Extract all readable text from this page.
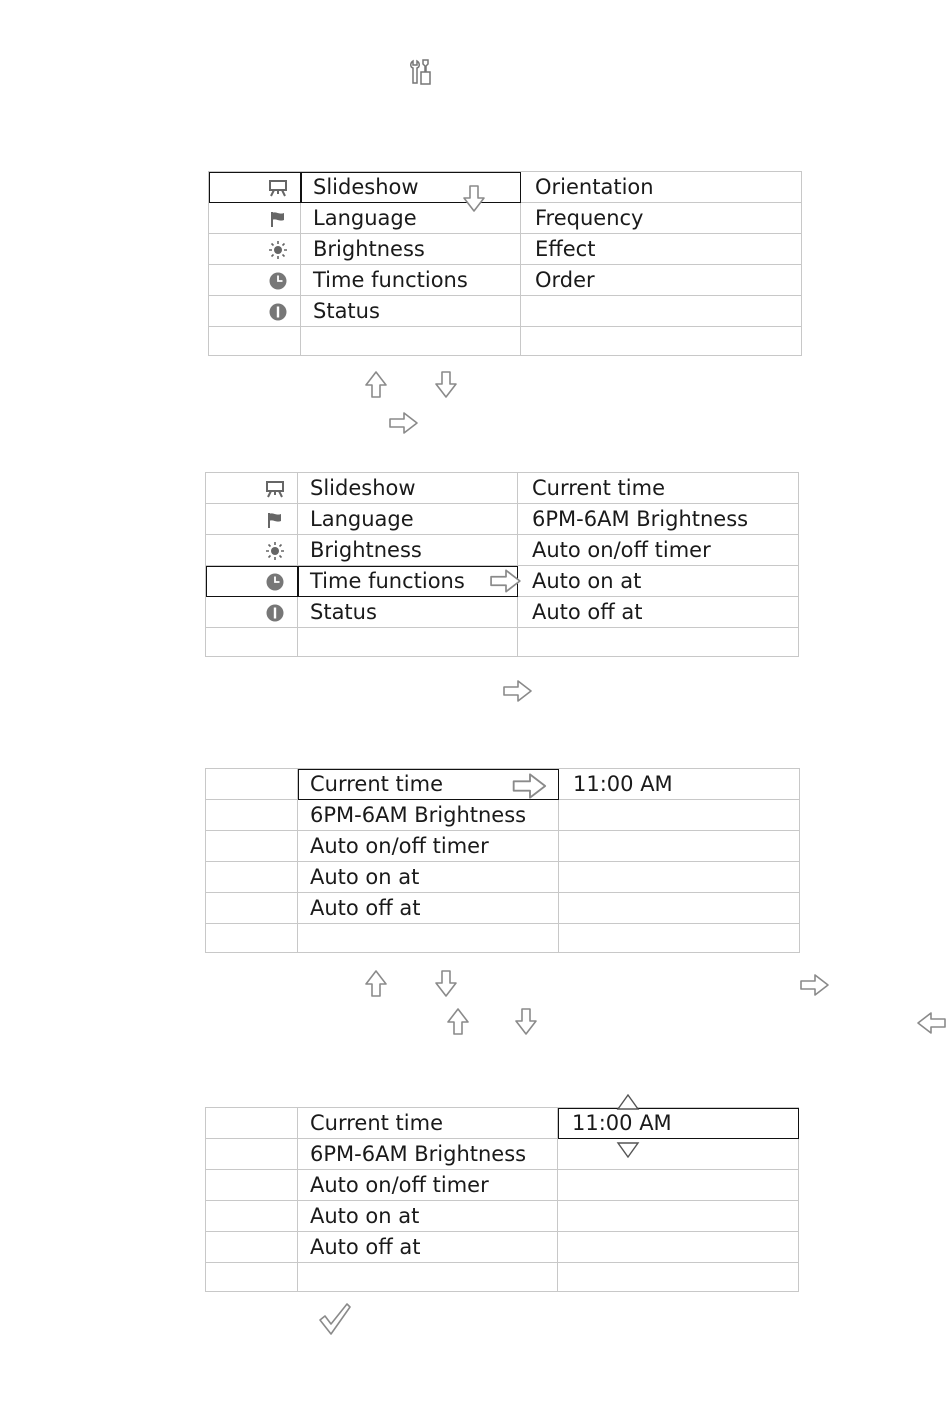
	Slideshow	Orientation

	Language	Frequency

	Brightness	Effect

	Time functions	Order

	Status	

	Slideshow	Current time

	Language	6PM-6AM Brightness

	Brightness	Auto on/off timer

	Time functions	Auto on at

	Status	Auto off at

	Current time	11:00 AM
	6PM-6AM Brightness	
	Auto on/off timer	
	Auto on at	
	Auto off at	

	Current time	11:00 AM

	6PM-6AM Brightness	
	Auto on/off timer	
	Auto on at	
	Auto off at	
